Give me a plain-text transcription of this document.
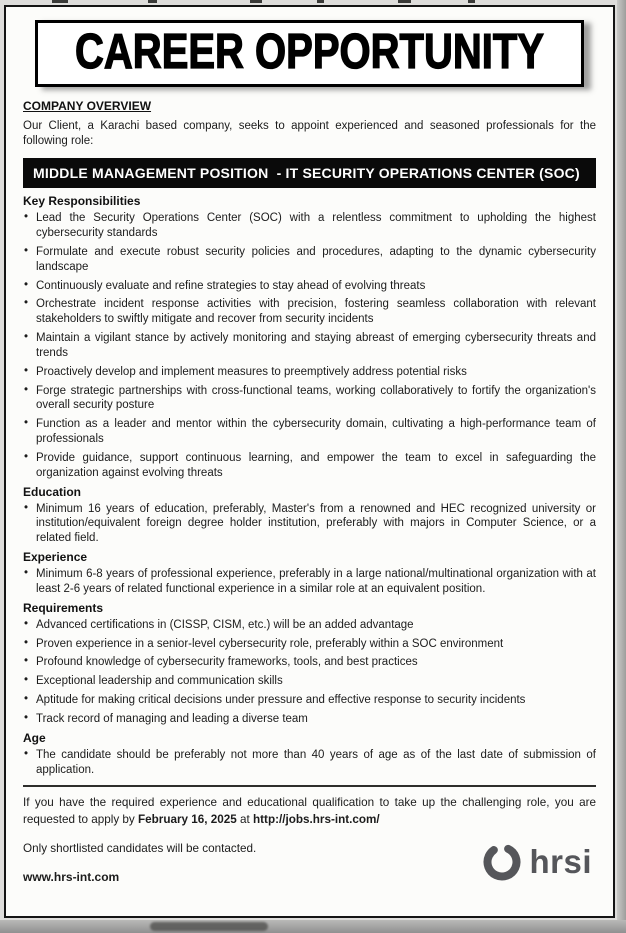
CAREER OPPORTUNITY
COMPANY OVERVIEW

Our Client, a Karachi based company, seeks to appoint experienced and seasoned professionals for the following role:

MIDDLE MANAGEMENT POSITION  - IT SECURITY OPERATIONS CENTER (SOC)
Key Responsibilities
• Lead the Security Operations Center (SOC) with a relentless commitment to upholding the highest cybersecurity standards
• Formulate and execute robust security policies and procedures, adapting to the dynamic cybersecurity landscape
• Continuously evaluate and refine strategies to stay ahead of evolving threats
• Orchestrate incident response activities with precision, fostering seamless collaboration with relevant stakeholders to swiftly mitigate and recover from security incidents
• Maintain a vigilant stance by actively monitoring and staying abreast of emerging cybersecurity threats and trends
• Proactively develop and implement measures to preemptively address potential risks
• Forge strategic partnerships with cross-functional teams, working collaboratively to fortify the organization's overall security posture
• Function as a leader and mentor within the cybersecurity domain, cultivating a high-performance team of professionals
• Provide guidance, support continuous learning, and empower the team to excel in safeguarding the organization against evolving threats
Education
• Minimum 16 years of education, preferably, Master's from a renowned and HEC recognized university or institution/equivalent foreign degree holder institution, preferably with majors in Computer Science, or a related field.
Experience
• Minimum 6-8 years of professional experience, preferably in a large national/multinational organization with at least 2-6 years of related functional experience in a similar role at an equivalent position.
Requirements
• Advanced certifications in (CISSP, CISM, etc.) will be an added advantage
• Proven experience in a senior-level cybersecurity role, preferably within a SOC environment
• Profound knowledge of cybersecurity frameworks, tools, and best practices
• Exceptional leadership and communication skills
• Aptitude for making critical decisions under pressure and effective response to security incidents
• Track record of managing and leading a diverse team
Age
• The candidate should be preferably not more than 40 years of age as of the last date of submission of application.

If you have the required experience and educational qualification to take up the challenging role, you are requested to apply by February 16, 2025 at http://jobs.hrs-int.com/

Only shortlisted candidates will be contacted.
www.hrs-int.com	hrsi
